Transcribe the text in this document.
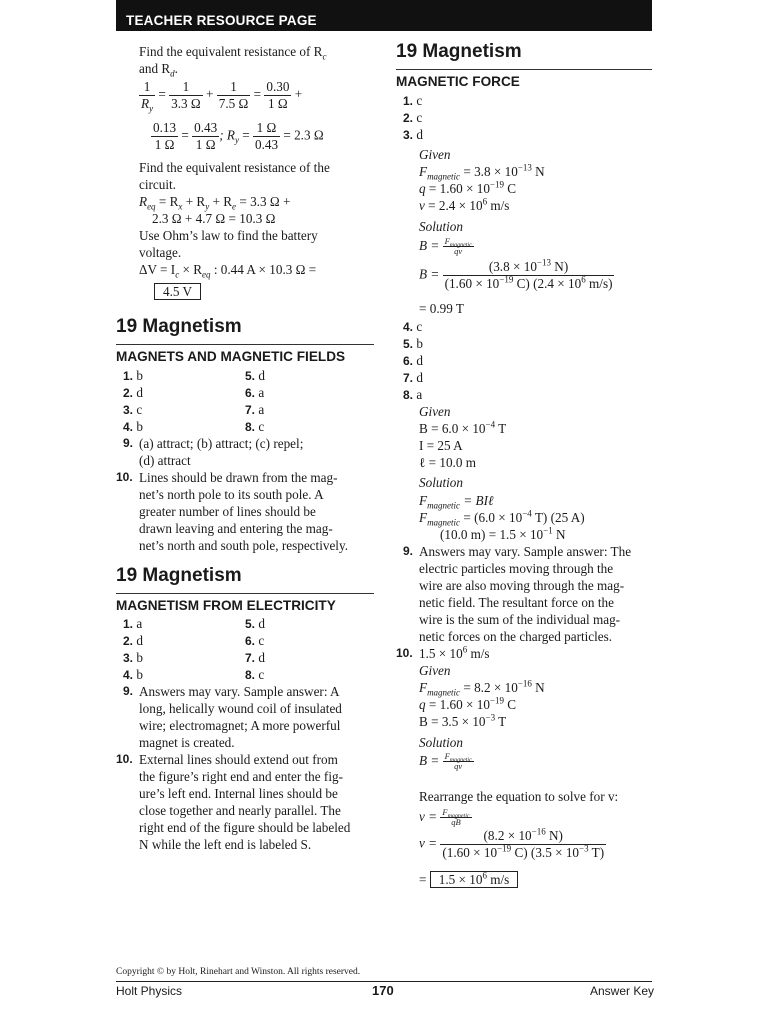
TEACHER RESOURCE PAGE
Find the equivalent resistance of $R_c$
and $R_d$.
$\frac{1}{R_y} = \frac{1}{3.3 \Omega} + \frac{1}{7.5 \Omega} = \frac{0.30}{1 \Omega}$ +
$\frac{0.13}{1 \Omega} = \frac{0.43}{1 \Omega}$ ; $R_y = \frac{1 \Omega}{0.43} = 2.3$ Ω
Find the equivalent resistance of the
circuit.
$R_{eq} = R_x + R_y + R_e = 3.3$ Ω +
2.3 Ω + 4.7 Ω = 10.3 Ω
Use Ohm’s law to find the battery
voltage.
$\Delta V = I_c \times R_{eq}$ : 0.44 A × 10.3 Ω =
4.5 V
19 Magnetism
MAGNETS AND MAGNETIC FIELDS
1. b	5. d
2. d	6. a
3. c	7. a
4. b	8. c
9. (a) attract; (b) attract; (c) repel;
(d) attract
10. Lines should be drawn from the mag-
net’s north pole to its south pole. A
greater number of lines should be
drawn leaving and entering the mag-
net’s north and south pole, respectively.
19 Magnetism
MAGNETISM FROM ELECTRICITY
1. a	5. d
2. d	6. c
3. b	7. d
4. b	8. c
9. Answers may vary. Sample answer: A
long, helically wound coil of insulated
wire; electromagnet; A more powerful
magnet is created.
10. External lines should extend out from
the figure’s right end and enter the fig-
ure’s left end. Internal lines should be
close together and nearly parallel. The
right end of the figure should be labeled
N while the left end is labeled S.
19 Magnetism
MAGNETIC FORCE
1. c
2. c
3. d
Given
$F_{magnetic} = 3.8 \times 10^{-13}$ N
$q = 1.60 \times 10^{-19}$ C
$v = 2.4 \times 10^6$ m/s
Solution
$B = \frac{F_{magnetic}}{qv}$
$B = \frac{(3.8 \times 10^{-13} N)}{(1.60 \times 10^{-19} C) (2.4 \times 10^6 m/s)}$
= 0.99 T
4. c
5. b
6. d
7. d
8. a
Given
$B = 6.0 \times 10^{-4}$ T
I = 25 A
ℓ = 10.0 m
Solution
$F_{magnetic}$ = BIℓ
$F_{magnetic} = (6.0 \times 10^{-4}$ T) (25 A)
(10.0 $m) = 1.5 \times 10^{-1}$ N
9. Answers may vary. Sample answer: The
electric particles moving through the
wire are also moving through the mag-
netic field. The resultant force on the
wire is the sum of the individual mag-
netic forces on the charged particles.
10. $1.5 \times 10^6$ m/s
Given
$F_{magnetic} = 8.2 \times 10^{-16}$ N
$q = 1.60 \times 10^{-19}$ C
$B = 3.5 \times 10^{-3}$ T
Solution
$B = \frac{F_{magnetic}}{qv}$
Rearrange the equation to solve for v:
$v = \frac{F_{magnetic}}{qB}$
$v = \frac{(8.2 \times 10^{-16} N)}{(1.60 \times 10^{-19} C) (3.5 \times 10^{-3} T)}$
= $1.5 \times 10^6$ m/s
Copyright © by Holt, Rinehart and Winston. All rights reserved.
Holt Physics	170	Answer Key
